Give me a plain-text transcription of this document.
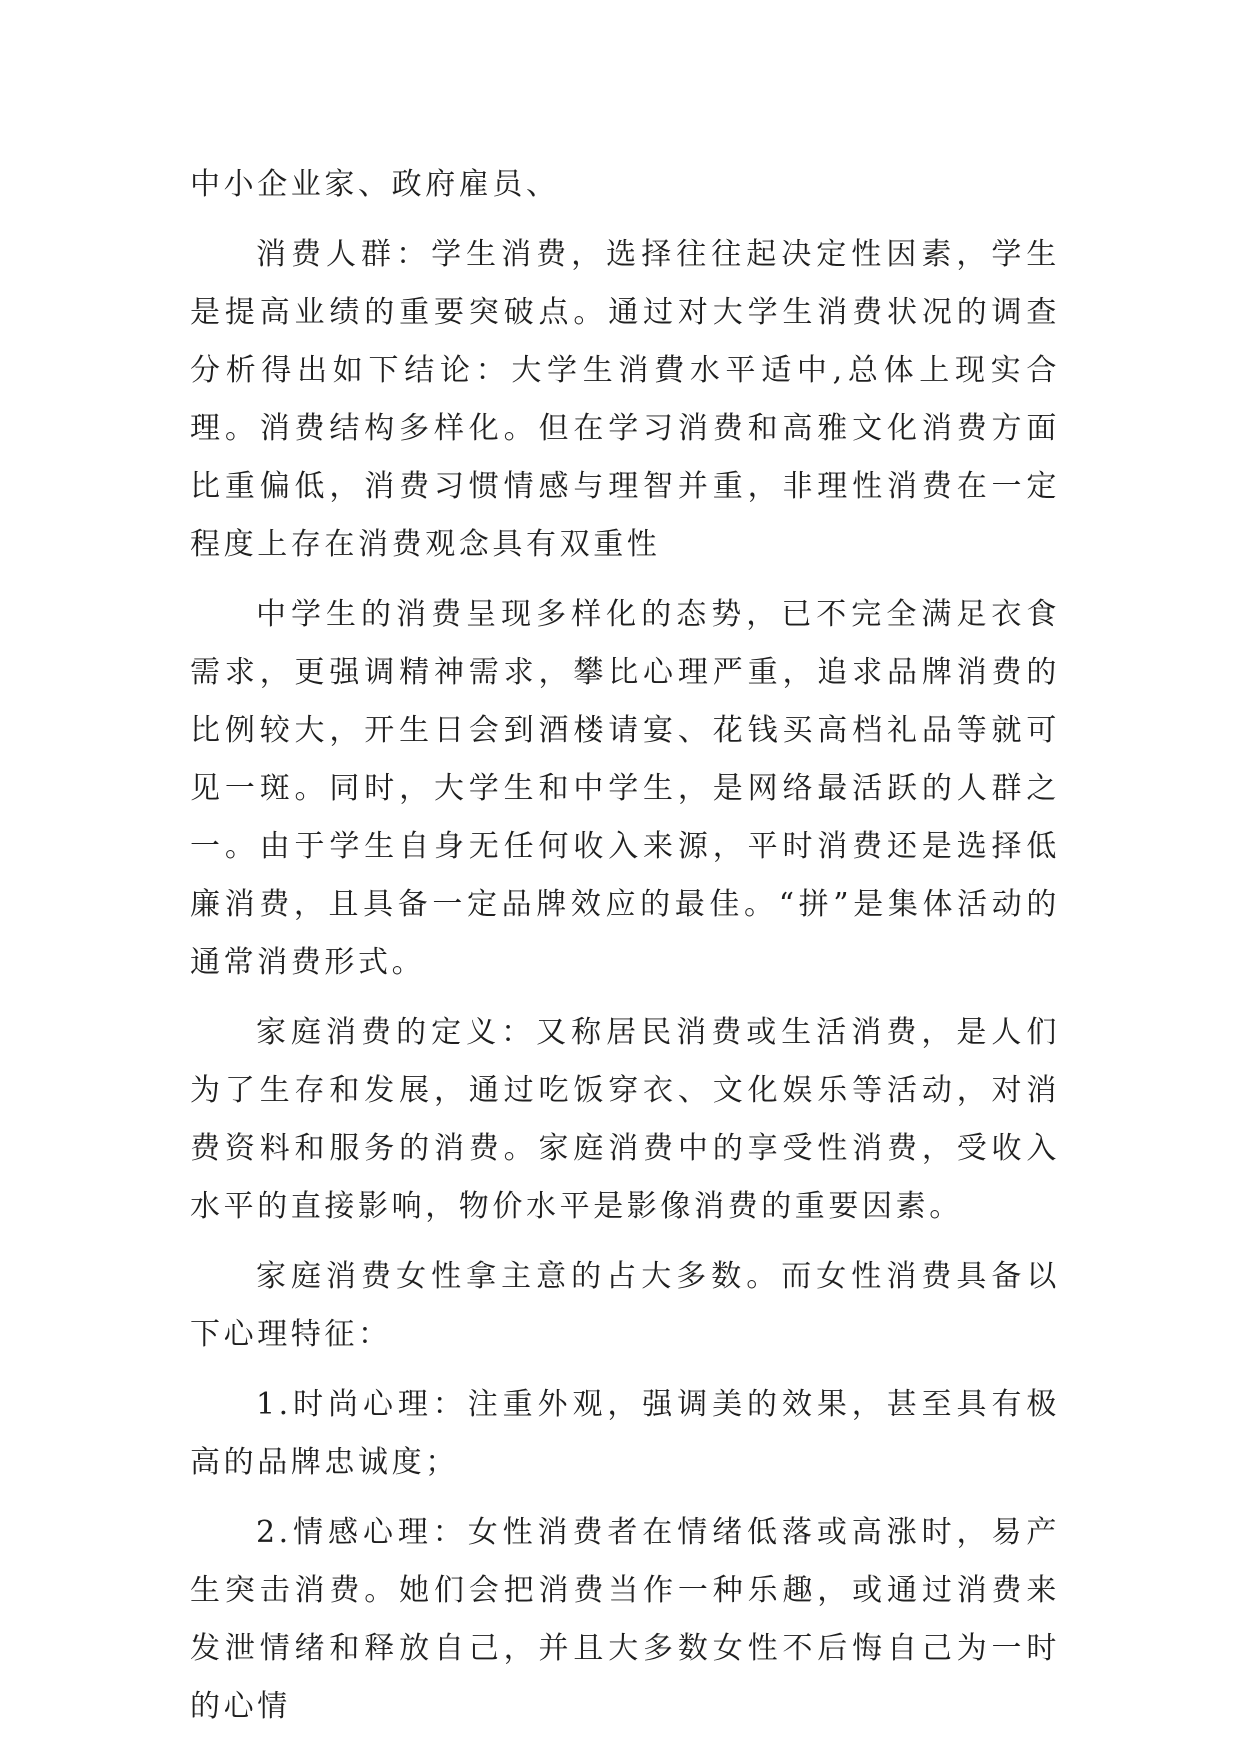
中小企业家、政府雇员、

消费人群：学生消费，选择往往起决定性因素，学生是提高业绩的重要突破点。通过对大学生消费状况的调查分析得出如下结论：大学生消費水平适中,总体上现实合理。消费结构多样化。但在学习消费和高雅文化消费方面比重偏低，消费习惯情感与理智并重，非理性消费在一定程度上存在消费观念具有双重性

中学生的消费呈现多样化的态势，已不完全满足衣食需求，更强调精神需求，攀比心理严重，追求品牌消费的比例较大，开生日会到酒楼请宴、花钱买高档礼品等就可见一斑。同时，大学生和中学生，是网络最活跃的人群之一。由于学生自身无任何收入来源，平时消费还是选择低廉消费，且具备一定品牌效应的最佳。“拼”是集体活动的通常消费形式。

家庭消费的定义：又称居民消费或生活消费，是人们为了生存和发展，通过吃饭穿衣、文化娱乐等活动，对消费资料和服务的消费。家庭消费中的享受性消费，受收入水平的直接影响，物价水平是影像消费的重要因素。

家庭消费女性拿主意的占大多数。而女性消费具备以下心理特征：

1.时尚心理：注重外观，强调美的效果，甚至具有极高的品牌忠诚度；

2.情感心理：女性消费者在情绪低落或高涨时，易产生突击消费。她们会把消费当作一种乐趣，或通过消费来发泄情绪和释放自己，并且大多数女性不后悔自己为一时的心情
